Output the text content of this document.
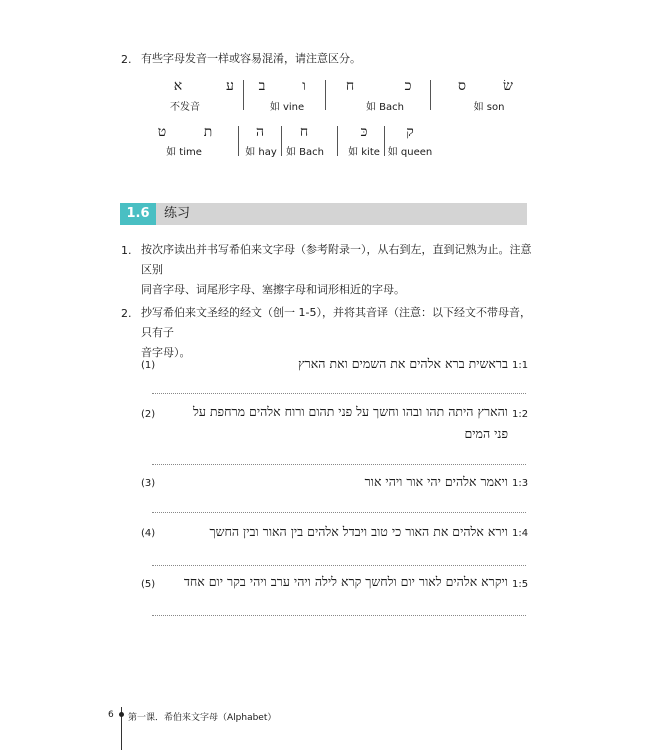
2. 有些字母发音一样或容易混淆，请注意区分。
א	ע
不发音
ב	ו
如 vine
ח	כ
如 Bach
ס	שׂ
如 son
ט	ת
如 time
ה
如 hay
ח
如 Bach
כּ
如 kite
ק
如 queen
1.6	练习
1. 按次序读出并书写希伯来文字母（参考附录一），从右到左，直到记熟为止。注意区别
同音字母、词尾形字母、塞擦字母和词形相近的字母。
2. 抄写希伯来文圣经的经文（创一 1-5），并将其音译（注意：以下经文不带母音，只有子
音字母）。
(1)	בראשית ברא אלהים את השמים ואת הארץ 1:1
(2)	והארץ היתה תהו ובהו וחשך על פני תהום ורוח אלהים מרחפת על
פני המים
1:2
(3)	ויאמר אלהים יהי אור ויהי אור 1:3
(4)	וירא אלהים את האור כי טוב ויבדל אלהים בין האור ובין החשך 1:4
(5)	ויקרא אלהים לאור יום ולחשך קרא לילה ויהי ערב ויהי בקר יום אחד 1:5
6 第一课．希伯来文字母（Alphabet）
